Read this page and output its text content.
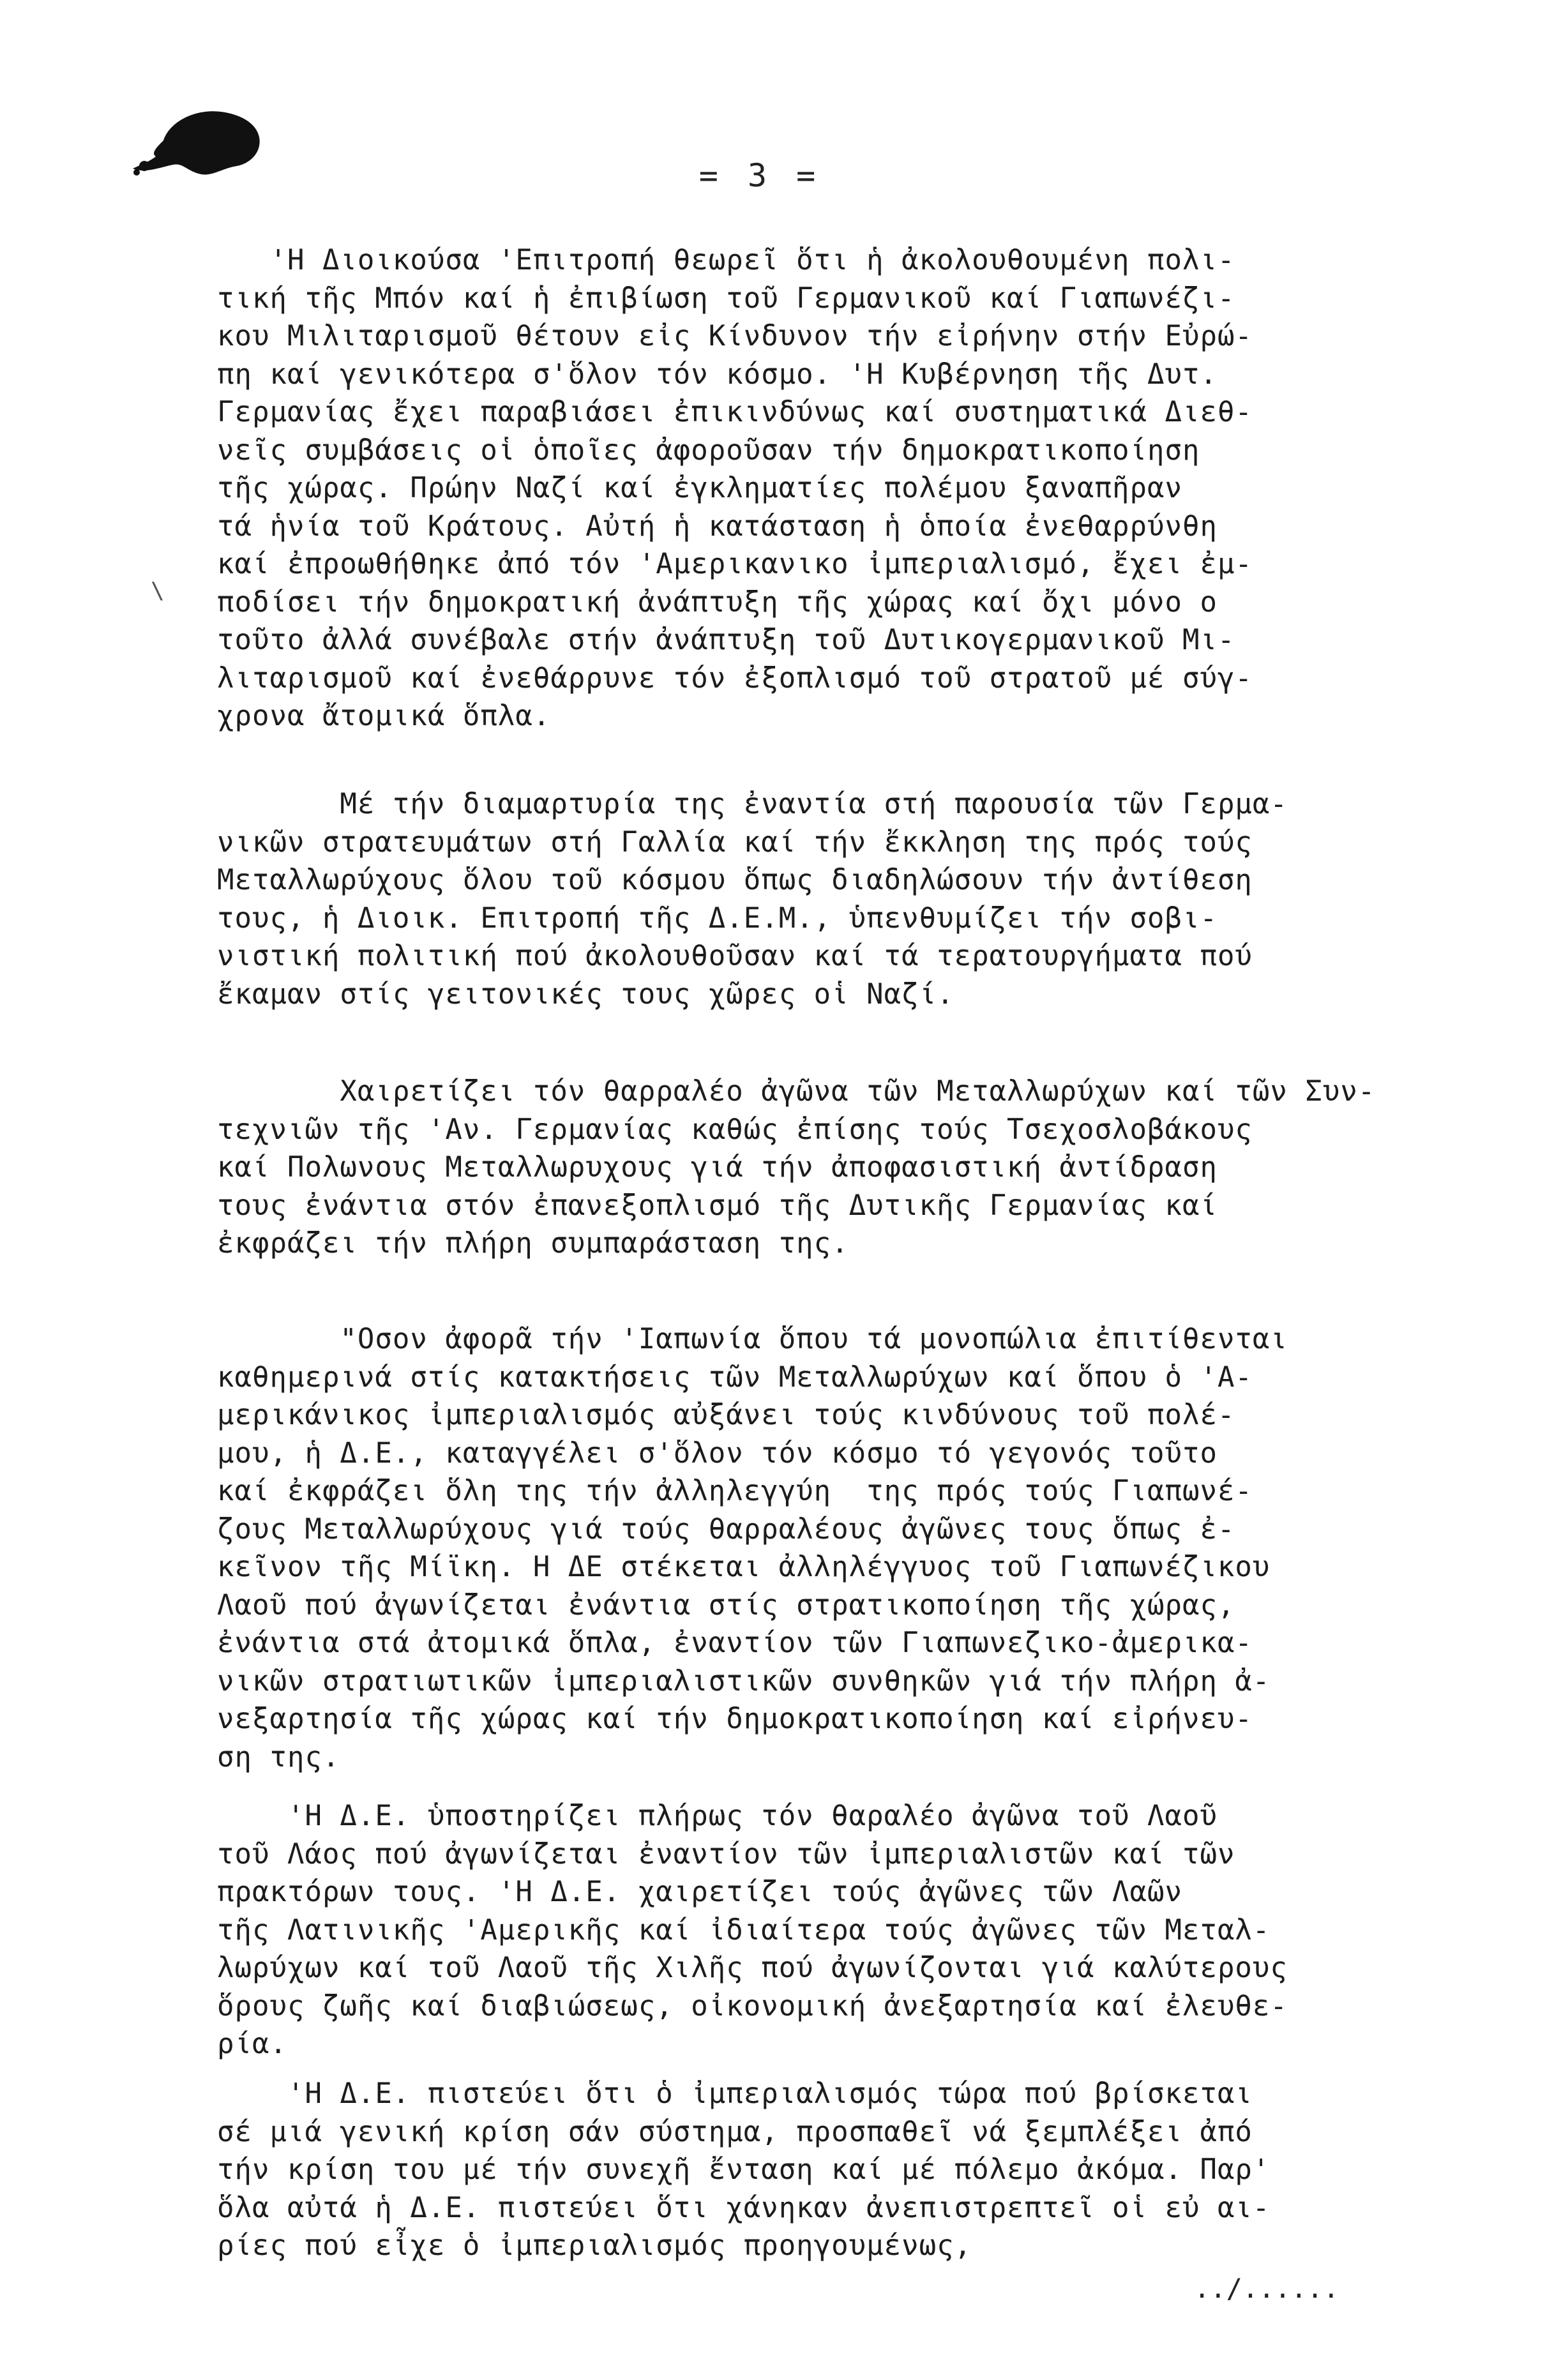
= 3 =
'Η Διοικούσα 'Επιτροπή θεωρεῖ ὅτι ἡ ἀκολουθουμένη πολι-
τική τῆς Μπόν καί ἡ ἐπιβίωση τοῦ Γερμανικοῦ καί Γιαπωνέζι-
κου Μιλιταρισμοῦ θέτουν εἰς Κίνδυνον τήν εἰρήνην στήν Εὐρώ-
πη καί γενικότερα σ'ὅλον τόν κόσμο. 'Η Κυβέρνηση τῆς Δυτ.
Γερμανίας ἔχει παραβιάσει ἐπικινδύνως καί συστηματικά Διεθ-
νεῖς συμβάσεις οἱ ὁποῖες ἀφοροῦσαν τήν δημοκρατικοποίηση
τῆς χώρας. Πρώην Ναζί καί ἐγκληματίες πολέμου ξαναπῆραν
τά ἡνία τοῦ Κράτους. Αὐτή ἡ κατάσταση ἡ ὁποία ἐνεθαρρύνθη
καί ἐπροωθήθηκε ἀπό τόν 'Αμερικανικο ἰμπεριαλισμό, ἔχει ἐμ-
ποδίσει τήν δημοκρατική ἀνάπτυξη τῆς χώρας καί ὄχι μόνο ο
τοῦτο ἀλλά συνέβαλε στήν ἀνάπτυξη τοῦ Δυτικογερμανικοῦ Μι-
λιταρισμοῦ καί ἐνεθάρρυνε τόν ἐξοπλισμό τοῦ στρατοῦ μέ σύγ-
χρονα ἄτομικά ὅπλα.
Μέ τήν διαμαρτυρία της ἐναντία στή παρουσία τῶν Γερμα-
νικῶν στρατευμάτων στή Γαλλία καί τήν ἔκκληση της πρός τούς
Μεταλλωρύχους ὅλου τοῦ κόσμου ὅπως διαδηλώσουν τήν ἀντίθεση
τους, ἡ Διοικ. Επιτροπή τῆς Δ.Ε.Μ., ὑπενθυμίζει τήν σοβι-
νιστική πολιτική πού ἀκολουθοῦσαν καί τά τερατουργήματα πού
ἔκαμαν στίς γειτονικές τους χῶρες οἱ Ναζί.
Χαιρετίζει τόν θαρραλέο ἀγῶνα τῶν Μεταλλωρύχων καί τῶν Συν-
τεχνιῶν τῆς 'Αν. Γερμανίας καθώς ἐπίσης τούς Τσεχοσλοβάκους
καί Πολωνους Μεταλλωρυχους γιά τήν ἀποφασιστική ἀντίδραση
τους ἐνάντια στόν ἐπανεξοπλισμό τῆς Δυτικῆς Γερμανίας καί
ἐκφράζει τήν πλήρη συμπαράσταση της.
"Οσον ἀφορᾶ τήν 'Ιαπωνία ὅπου τά μονοπώλια ἐπιτίθενται
καθημερινά στίς κατακτήσεις τῶν Μεταλλωρύχων καί ὅπου ὁ 'Α-
μερικάνικος ἰμπεριαλισμός αὐξάνει τούς κινδύνους τοῦ πολέ-
μου, ἡ Δ.Ε., καταγγέλει σ'ὅλον τόν κόσμο τό γεγονός τοῦτο
καί ἐκφράζει ὅλη της τήν ἀλληλεγγύη  της πρός τούς Γιαπωνέ-
ζους Μεταλλωρύχους γιά τούς θαρραλέους ἀγῶνες τους ὅπως ἐ-
κεῖνον τῆς Μίϊκη. Η ΔΕ στέκεται ἀλληλέγγυος τοῦ Γιαπωνέζικου
Λαοῦ πού ἀγωνίζεται ἐνάντια στίς στρατικοποίηση τῆς χώρας,
ἐνάντια στά ἀτομικά ὅπλα, ἐναντίον τῶν Γιαπωνεζικο-ἀμερικα-
νικῶν στρατιωτικῶν ἰμπεριαλιστικῶν συνθηκῶν γιά τήν πλήρη ἀ-
νεξαρτησία τῆς χώρας καί τήν δημοκρατικοποίηση καί εἰρήνευ-
ση της.
'Η Δ.Ε. ὑποστηρίζει πλήρως τόν θαραλέο ἀγῶνα τοῦ Λαοῦ
τοῦ Λάος πού ἀγωνίζεται ἐναντίον τῶν ἰμπεριαλιστῶν καί τῶν
πρακτόρων τους. 'Η Δ.Ε. χαιρετίζει τούς ἀγῶνες τῶν Λαῶν
τῆς Λατινικῆς 'Αμερικῆς καί ἰδιαίτερα τούς ἀγῶνες τῶν Μεταλ-
λωρύχων καί τοῦ Λαοῦ τῆς Χιλῆς πού ἀγωνίζονται γιά καλύτερους
ὅρους ζωῆς καί διαβιώσεως, οἰκονομική ἀνεξαρτησία καί ἐλευθε-
ρία.
'Η Δ.Ε. πιστεύει ὅτι ὁ ἰμπεριαλισμός τώρα πού βρίσκεται
σέ μιά γενική κρίση σάν σύστημα, προσπαθεῖ νά ξεμπλέξει ἀπό
τήν κρίση του μέ τήν συνεχῆ ἔνταση καί μέ πόλεμο ἀκόμα. Παρ'
ὅλα αὐτά ἡ Δ.Ε. πιστεύει ὅτι χάνηκαν ἀνεπιστρεπτεῖ οἱ εὐ αι-
ρίες πού εἶχε ὁ ἰμπεριαλισμός προηγουμένως,
\
../......
